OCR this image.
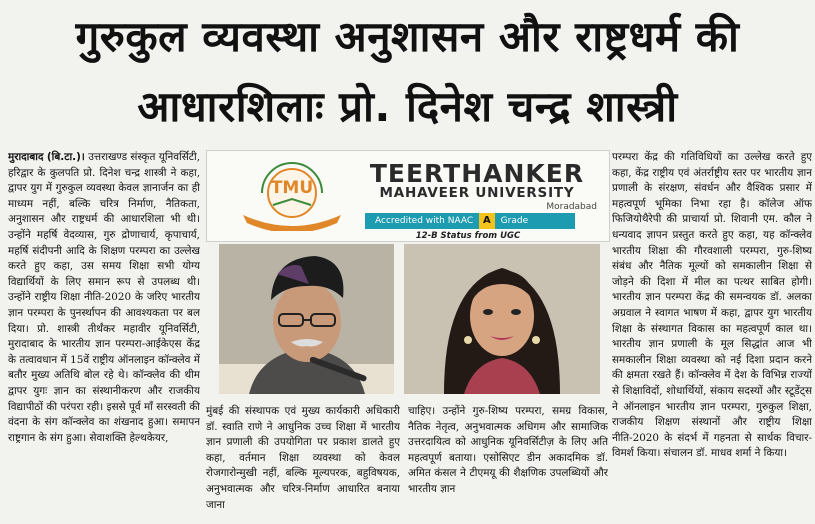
गुरुकुल व्यवस्था अनुशासन और राष्ट्रधर्म की
आधारशिलाः प्रो. दिनेश चन्द्र शास्त्री
मुरादाबाद (बि.टा.)। उत्तराखण्ड संस्कृत यूनिवर्सिटी, हरिद्वार के कुलपति प्रो. दिनेश चन्द्र शास्त्री ने कहा, द्वापर युग में गुरुकुल व्यवस्था केवल ज्ञानार्जन का ही माध्यम नहीं, बल्कि चरित्र निर्माण, नैतिकता, अनुशासन और राष्ट्रधर्म की आधारशिला भी थी। उन्होंने महर्षि वेदव्यास, गुरु द्रोणाचार्य, कृपाचार्य, महर्षि संदीपनी आदि के शिक्षण परम्परा का उल्लेख करते हुए कहा, उस समय शिक्षा सभी योग्य विद्यार्थियों के लिए समान रूप से उपलब्ध थी। उन्होंने राष्ट्रीय शिक्षा नीति-2020 के जरिए भारतीय ज्ञान परम्परा के पुनर्स्थापन की आवश्यकता पर बल दिया। प्रो. शास्त्री तीर्थंकर महावीर यूनिवर्सिटी, मुरादाबाद के भारतीय ज्ञान परम्परा-आईकेएस केंद्र के तत्वावधान में 15वें राष्ट्रीय ऑनलाइन कॉन्क्लेव में बतौर मुख्य अतिथि बोल रहे थे। कॉन्क्लेव की थीम द्वापर युगः ज्ञान का संस्थानीकरण और राजकीय विद्यापीठों की परंपरा रही। इससे पूर्व माँ सरस्वती की वंदना के संग कॉन्क्लेव का शंखनाद हुआ। समापन राष्ट्रगान के संग हुआ। सेवाशक्ति हेल्थकेयर,
TMU	TEERTHANKER
MAHAVEER UNIVERSITY
Moradabad
Accredited with NAAC A Grade
12-B Status from UGC
मुंबई की संस्थापक एवं मुख्य कार्यकारी अधिकारी डॉ. स्वाति राणे ने आधुनिक उच्च शिक्षा में भारतीय ज्ञान प्रणाली की उपयोगिता पर प्रकाश डालते हुए कहा, वर्तमान शिक्षा व्यवस्था को केवल रोजगारोन्मुखी नहीं, बल्कि मूल्यपरक, बहुविषयक, अनुभवात्मक और चरित्र-निर्माण आधारित बनाया जाना
चाहिए। उन्होंने गुरु-शिष्य परम्परा, समग्र विकास, नैतिक नेतृत्व, अनुभवात्मक अधिगम और सामाजिक उत्तरदायित्व को आधुनिक यूनिवर्सिटीज़ के लिए अति महत्वपूर्ण बताया। एसोसिएट डीन अकादमिक डॉ. अमित कंसल ने टीएमयू की शैक्षणिक उपलब्धियों और भारतीय ज्ञान
परम्परा केंद्र की गतिविधियों का उल्लेख करते हुए कहा, केंद्र राष्ट्रीय एवं अंतर्राष्ट्रीय स्तर पर भारतीय ज्ञान प्रणाली के संरक्षण, संवर्धन और वैश्विक प्रसार में महत्वपूर्ण भूमिका निभा रहा है। कॉलेज ऑफ फिजियोथैरेपी की प्राचार्या प्रो. शिवानी एम. कौल ने धन्यवाद ज्ञापन प्रस्तुत करते हुए कहा, यह कॉन्क्लेव भारतीय शिक्षा की गौरवशाली परम्परा, गुरु-शिष्य संबंध और नैतिक मूल्यों को समकालीन शिक्षा से जोड़ने की दिशा में मील का पत्थर साबित होगी। भारतीय ज्ञान परम्परा केंद्र की समन्वयक डॉ. अलका अग्रवाल ने स्वागत भाषण में कहा, द्वापर युग भारतीय शिक्षा के संस्थागत विकास का महत्वपूर्ण काल था। भारतीय ज्ञान प्रणाली के मूल सिद्धांत आज भी समकालीन शिक्षा व्यवस्था को नई दिशा प्रदान करने की क्षमता रखते हैं। कॉन्क्लेव में देश के विभिन्न राज्यों से शिक्षाविदों, शोधार्थियों, संकाय सदस्यों और स्टूडेंट्स ने ऑनलाइन भारतीय ज्ञान परम्परा, गुरुकुल शिक्षा, राजकीय शिक्षण संस्थानों और राष्ट्रीय शिक्षा नीति-2020 के संदर्भ में गहनता से सार्थक विचार-विमर्श किया। संचालन डॉ. माधव शर्मा ने किया।
